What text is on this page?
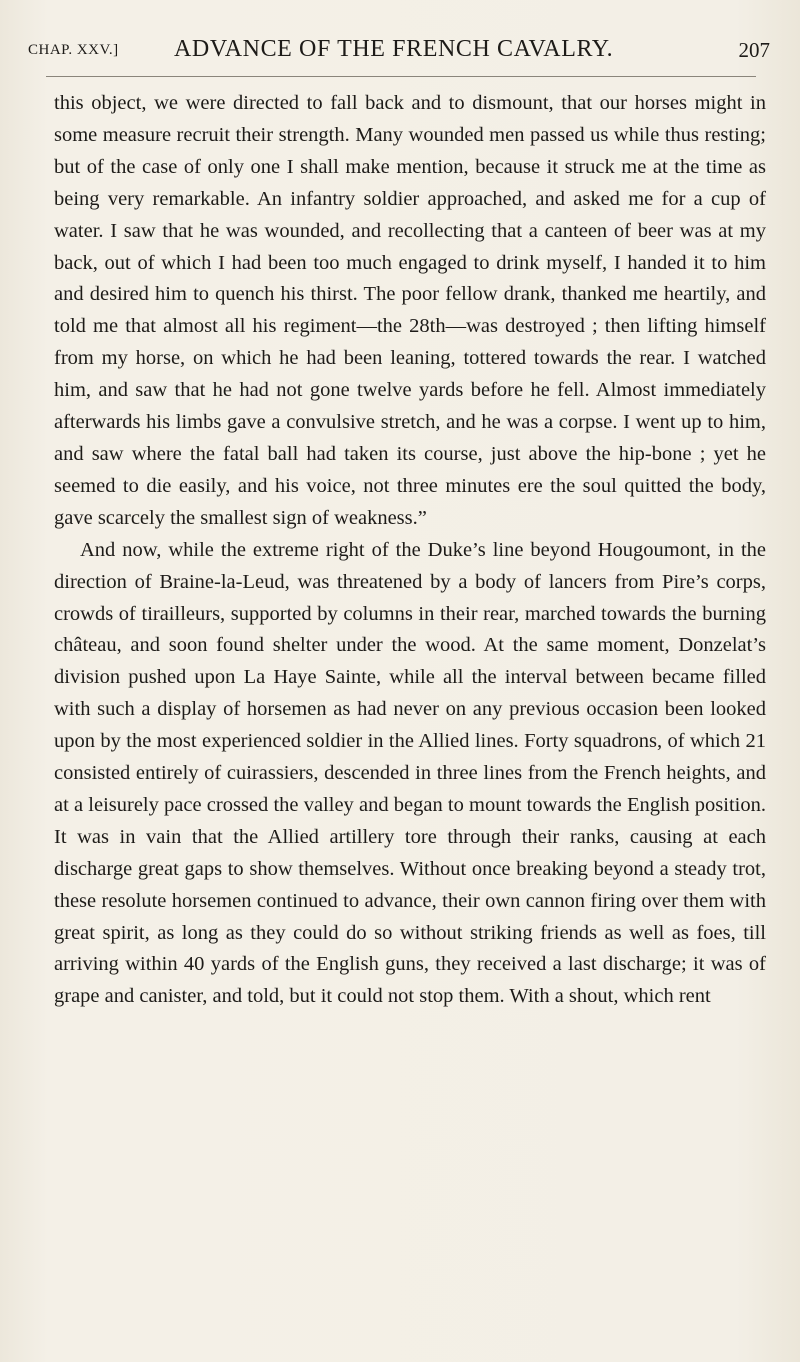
CHAP. XXV.] ADVANCE OF THE FRENCH CAVALRY.	207

this object, we were directed to fall back and to dismount, that our horses might in some measure recruit their strength. Many wounded men passed us while thus resting; but of the case of only one I shall make mention, because it struck me at the time as being very remarkable. An infantry soldier approached, and asked me for a cup of water. I saw that he was wounded, and recollecting that a canteen of beer was at my back, out of which I had been too much engaged to drink myself, I handed it to him and desired him to quench his thirst. The poor fellow drank, thanked me heartily, and told me that almost all his regiment—the 28th—was destroyed ; then lifting himself from my horse, on which he had been leaning, tottered towards the rear. I watched him, and saw that he had not gone twelve yards before he fell. Almost immediately afterwards his limbs gave a convulsive stretch, and he was a corpse. I went up to him, and saw where the fatal ball had taken its course, just above the hip-bone ; yet he seemed to die easily, and his voice, not three minutes ere the soul quitted the body, gave scarcely the smallest sign of weakness.”

And now, while the extreme right of the Duke’s line beyond Hougoumont, in the direction of Braine-la-Leud, was threatened by a body of lancers from Pire’s corps, crowds of tirailleurs, supported by columns in their rear, marched towards the burning château, and soon found shelter under the wood. At the same moment, Donzelat’s division pushed upon La Haye Sainte, while all the interval between became filled with such a display of horsemen as had never on any previous occasion been looked upon by the most experienced soldier in the Allied lines. Forty squadrons, of which 21 consisted entirely of cuirassiers, descended in three lines from the French heights, and at a leisurely pace crossed the valley and began to mount towards the English position. It was in vain that the Allied artillery tore through their ranks, causing at each discharge great gaps to show themselves. Without once breaking beyond a steady trot, these resolute horsemen continued to advance, their own cannon firing over them with great spirit, as long as they could do so without striking friends as well as foes, till arriving within 40 yards of the English guns, they received a last discharge; it was of grape and canister, and told, but it could not stop them. With a shout, which rent
